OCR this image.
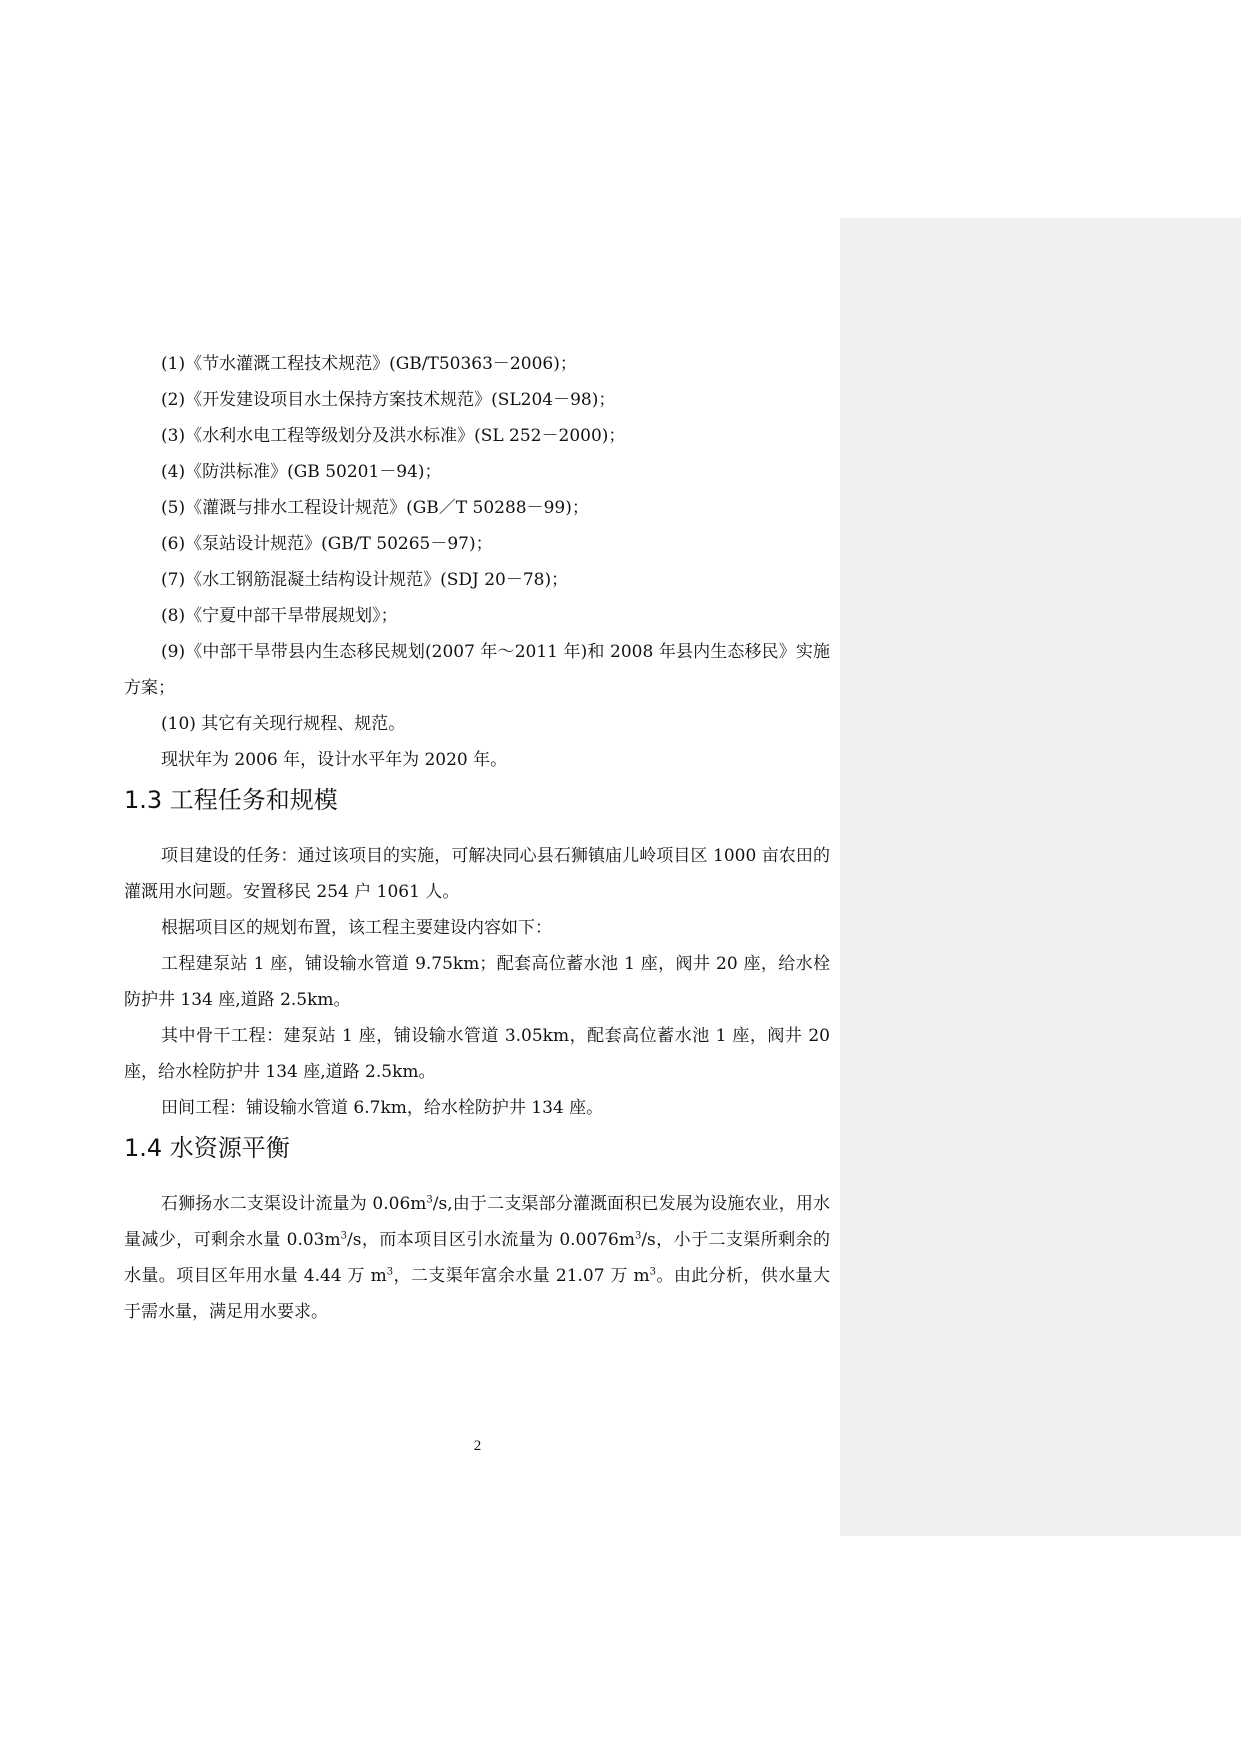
(1)《节水灌溉工程技术规范》(GB/T50363－2006)；

(2)《开发建设项目水土保持方案技术规范》(SL204－98)；

(3)《水利水电工程等级划分及洪水标准》(SL 252－2000)；

(4)《防洪标准》(GB 50201－94)；

(5)《灌溉与排水工程设计规范》(GB／T 50288－99)；

(6)《泵站设计规范》(GB/T 50265－97)；

(7)《水工钢筋混凝土结构设计规范》(SDJ 20－78)；

(8)《宁夏中部干旱带展规划》；

(9)《中部干旱带县内生态移民规划(2007 年～2011 年)和 2008 年县内生态移民》实施方案；

(10) 其它有关现行规程、规范。

现状年为 2006 年，设计水平年为 2020 年。

1.3 工程任务和规模

项目建设的任务：通过该项目的实施，可解决同心县石狮镇庙儿岭项目区 1000 亩农田的灌溉用水问题。安置移民 254 户 1061 人。

根据项目区的规划布置，该工程主要建设内容如下：

工程建泵站 1 座，铺设输水管道 9.75km；配套高位蓄水池 1 座，阀井 20 座，给水栓防护井 134 座,道路 2.5km。

其中骨干工程：建泵站 1 座，铺设输水管道 3.05km，配套高位蓄水池 1 座，阀井 20 座，给水栓防护井 134 座,道路 2.5km。

田间工程：铺设输水管道 6.7km，给水栓防护井 134 座。

1.4 水资源平衡

石狮扬水二支渠设计流量为 $0.06m^3/s$,由于二支渠部分灌溉面积已发展为设施农业，用水量减少，可剩余水量 $0.03m^3/s$，而本项目区引水流量为 $0.0076m^3/s$，小于二支渠所剩余的水量。项目区年用水量 4.44 万 $m^3$，二支渠年富余水量 21.07 万 $m^3$。由此分析，供水量大于需水量，满足用水要求。

2
